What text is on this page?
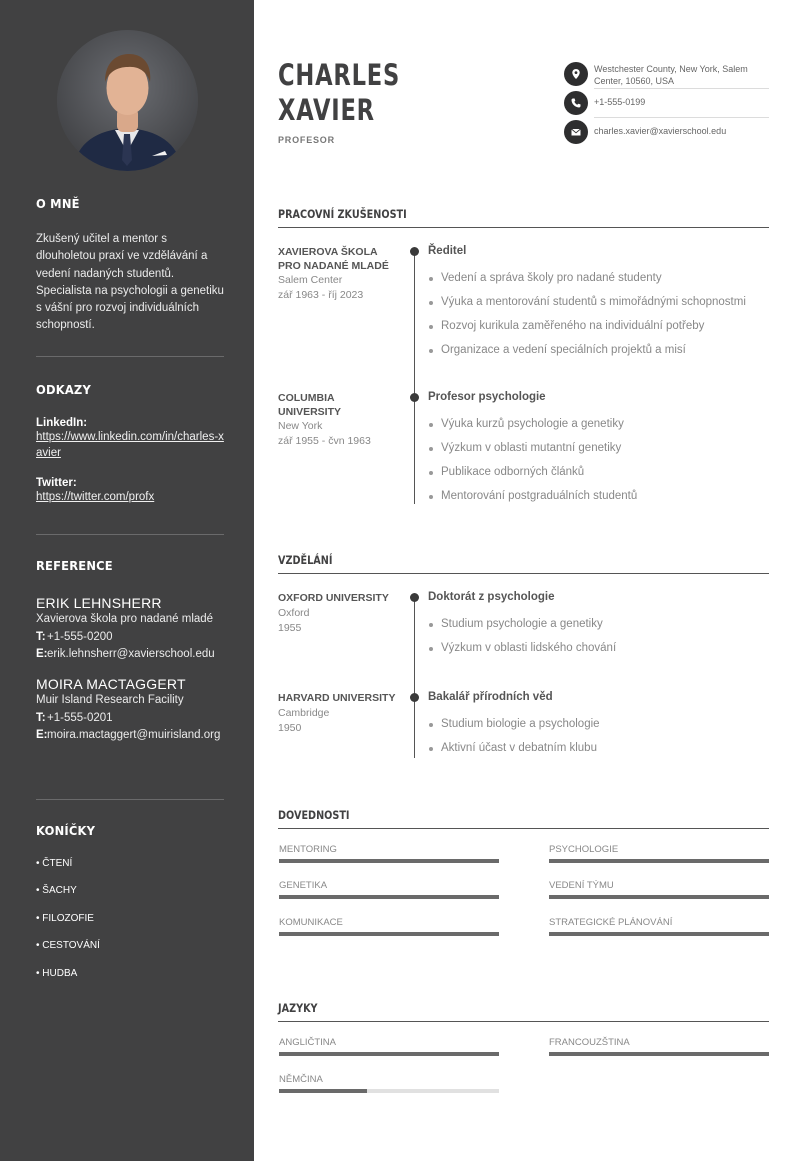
O MNĚ
Zkušený učitel a mentor s dlouholetou praxí ve vzdělávání a vedení nadaných studentů. Specialista na psychologii a genetiku s vášní pro rozvoj individuálních schopností.
ODKAZY
LinkedIn:
https://www.linkedin.com/in/charles-xavier
Twitter:
https://twitter.com/profx
REFERENCE
ERIK LEHNSHERR
Xavierova škola pro nadané mladé
T: +1-555-0200
E: erik.lehnsherr@xavierschool.edu
MOIRA MACTAGGERT
Muir Island Research Facility
T: +1-555-0201
E: moira.mactaggert@muirisland.org
KONÍČKY
• ČTENÍ
• ŠACHY
• FILOZOFIE
• CESTOVÁNÍ
• HUDBA
CHARLES
XAVIER
PROFESOR
Westchester County, New York, Salem Center, 10560, USA
+1-555-0199
charles.xavier@xavierschool.edu
PRACOVNÍ ZKUŠENOSTI
XAVIEROVA ŠKOLA PRO NADANÉ MLADÉ
Salem Center
zář 1963 - říj 2023
Ředitel
Vedení a správa školy pro nadané studenty
Výuka a mentorování studentů s mimořádnými schopnostmi
Rozvoj kurikula zaměřeného na individuální potřeby
Organizace a vedení speciálních projektů a misí
COLUMBIA UNIVERSITY
New York
zář 1955 - čvn 1963
Profesor psychologie
Výuka kurzů psychologie a genetiky
Výzkum v oblasti mutantní genetiky
Publikace odborných článků
Mentorování postgraduálních studentů
VZDĚLÁNÍ
OXFORD UNIVERSITY
Oxford
1955
Doktorát z psychologie
Studium psychologie a genetiky
Výzkum v oblasti lidského chování
HARVARD UNIVERSITY
Cambridge
1950
Bakalář přírodních věd
Studium biologie a psychologie
Aktivní účast v debatním klubu
DOVEDNOSTI
MENTORING	PSYCHOLOGIE
GENETIKA	VEDENÍ TÝMU
KOMUNIKACE	STRATEGICKÉ PLÁNOVÁNÍ
JAZYKY
ANGLIČTINA	FRANCOUZŠTINA
NĚMČINA
